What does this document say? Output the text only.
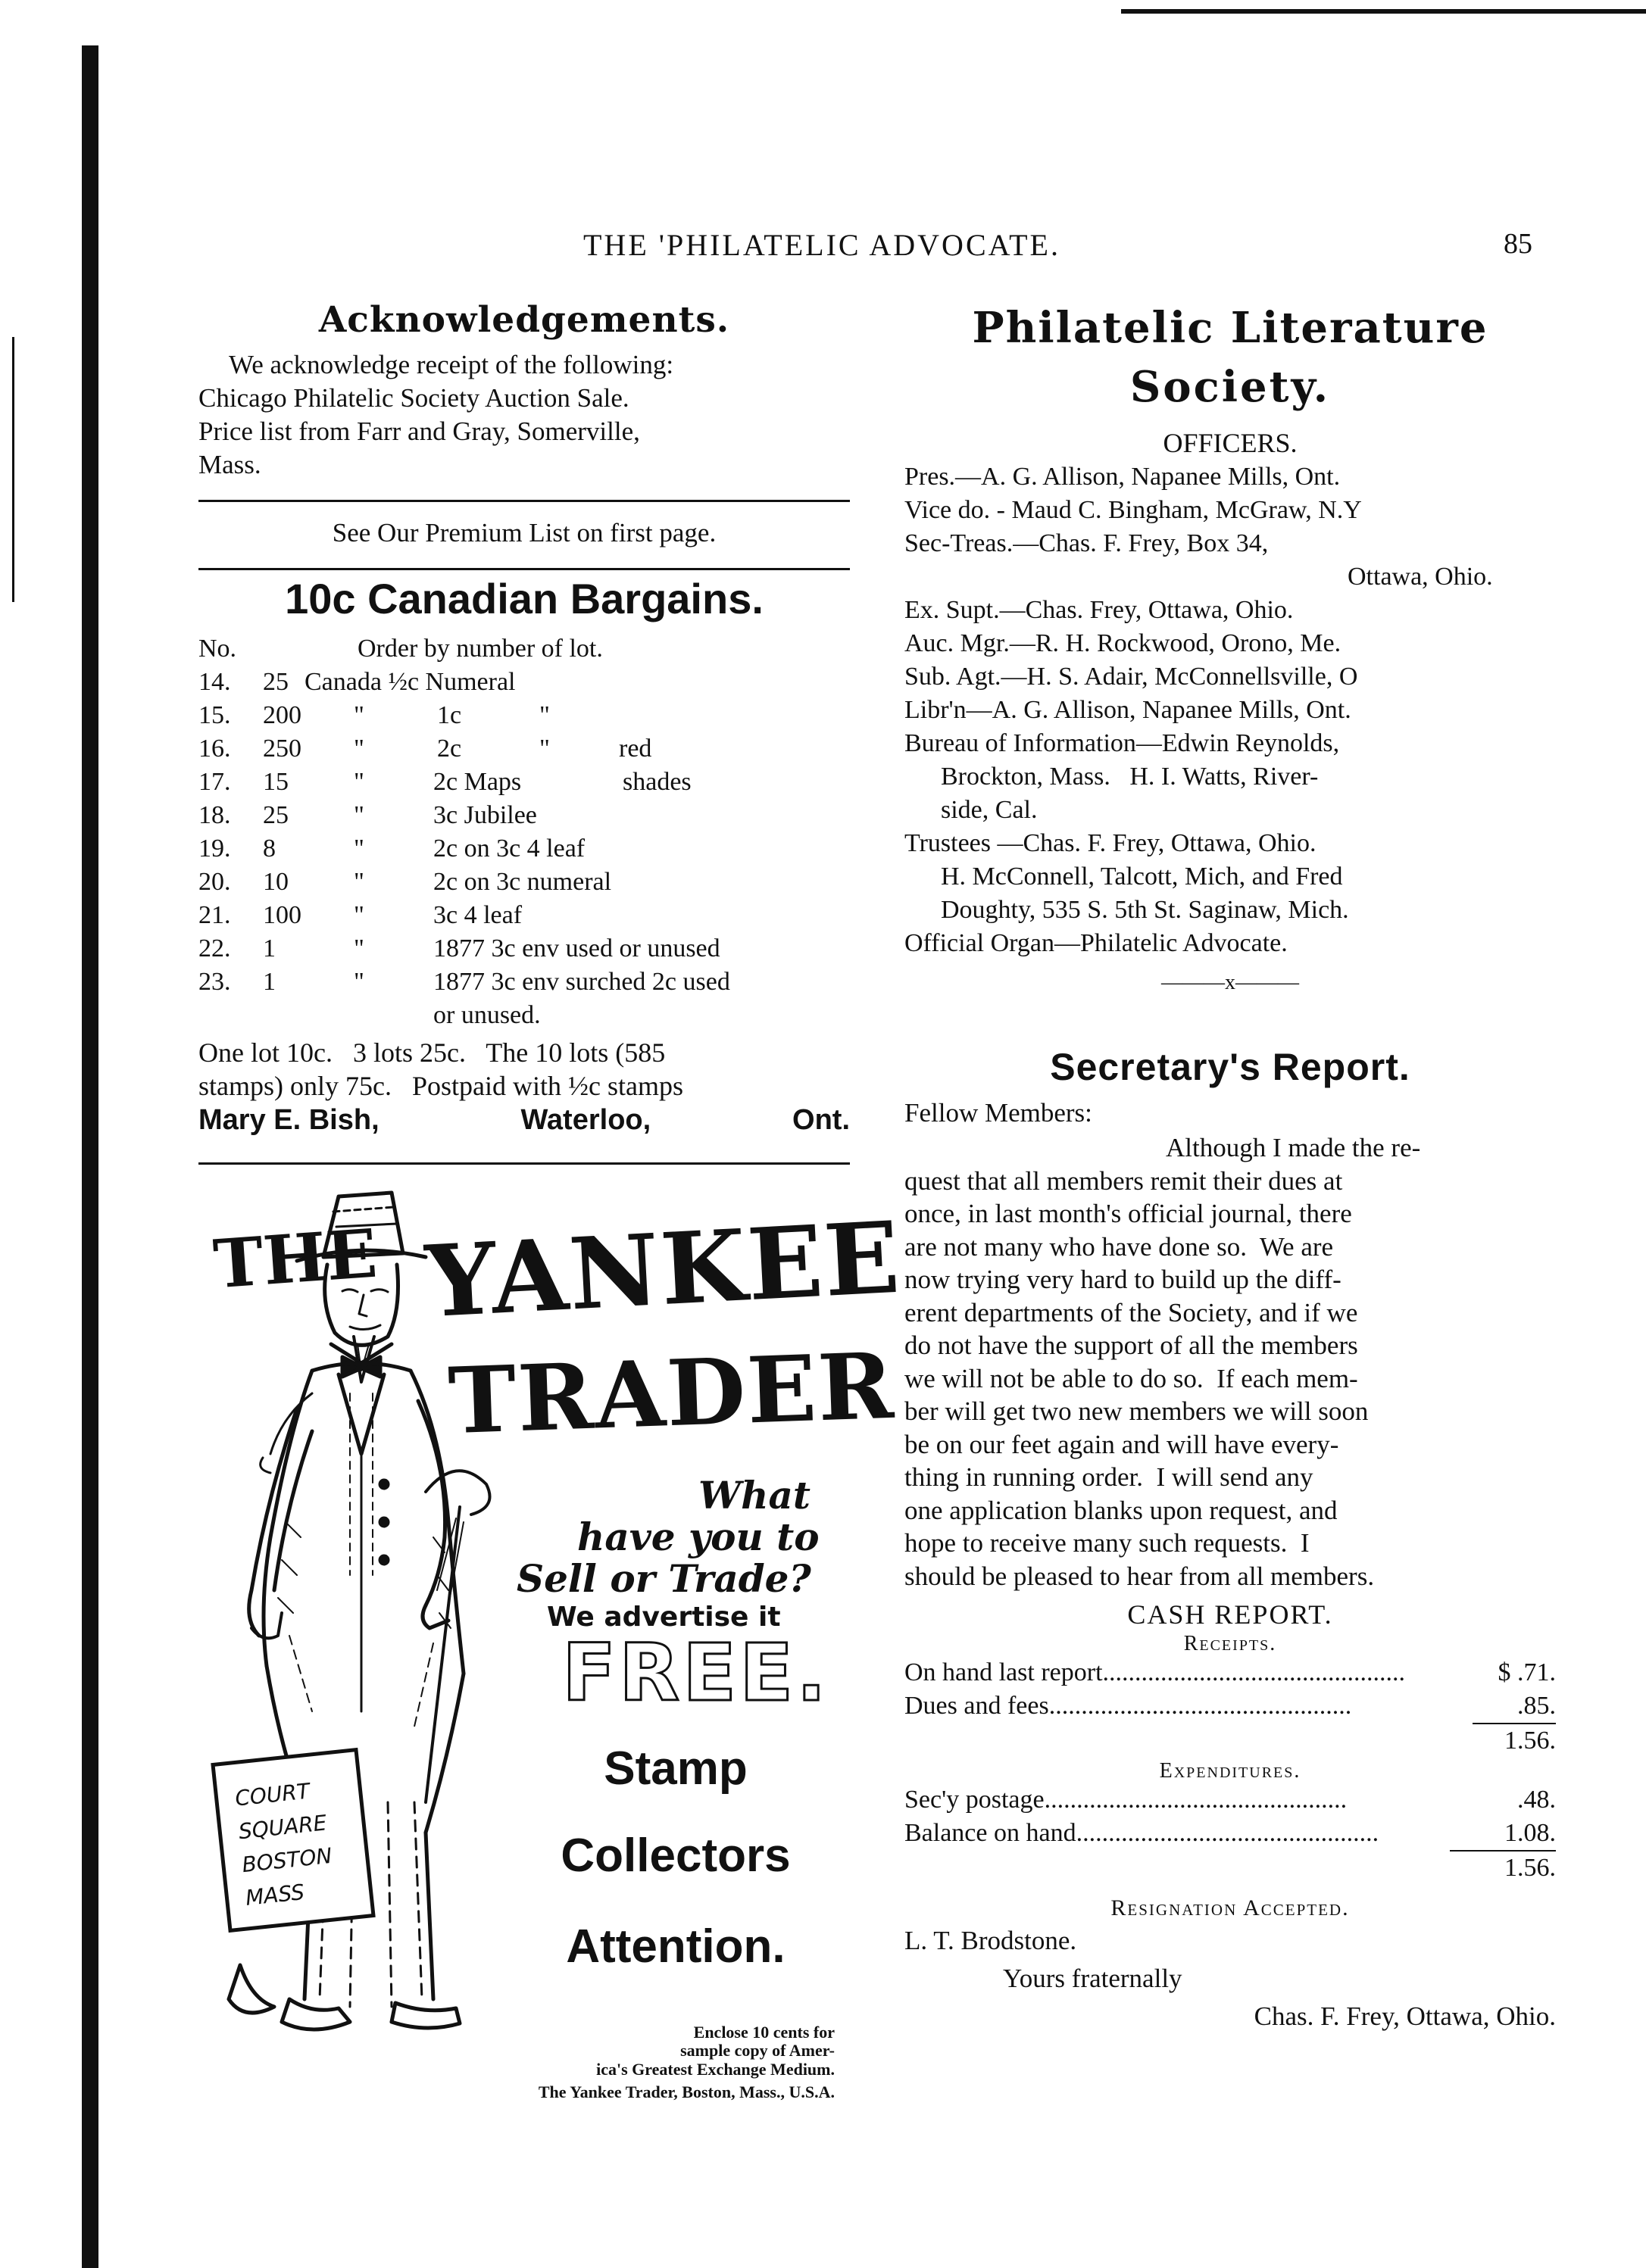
THE 'PHILATELIC ADVOCATE.	85
Acknowledgements.
We acknowledge receipt of the following:
Chicago Philatelic Society Auction Sale.
Price list from Farr and Gray, Somerville,
Mass.
See Our Premium List on first page.
10c Canadian Bargains.
No.	Order by number of lot.
14. 25 Canada ½c Numeral
15. 200 "	1c	"
16. 250 "	2c	"	red
17. 15	"	2c Maps	shades
18. 25	"	3c Jubilee
19. 8	"	2c on 3c 4 leaf
20. 10	"	2c on 3c numeral
21. 100 "	3c 4 leaf
22. 1	"	1877 3c env used or unused
23. 1	"	1877 3c env surched 2c used
or unused.
One lot 10c.   3 lots 25c.   The 10 lots (585
stamps) only 75c.   Postpaid with ½c stamps
Mary E. Bish,	Waterloo,	Ont.
COURT
SQUARE
BOSTON
MASS
THE YANKEE
TRADER
What
have you to
Sell or Trade?
We advertise it
FREE.
Stamp
Collectors
Attention.
Enclose 10 cents for
sample copy of Amer-
ica's Greatest Exchange Medium.
The Yankee Trader, Boston, Mass., U.S.A.
Philatelic Literature
Society.
OFFICERS.
Pres.—A. G. Allison, Napanee Mills, Ont.
Vice do. - Maud C. Bingham, McGraw, N.Y
Sec-Treas.—Chas. F. Frey, Box 34,
Ottawa, Ohio.
Ex. Supt.—Chas. Frey, Ottawa, Ohio.
Auc. Mgr.—R. H. Rockwood, Orono, Me.
Sub. Agt.—H. S. Adair, McConnellsville, O
Libr'n—A. G. Allison, Napanee Mills, Ont.
Bureau of Information—Edwin Reynolds,
Brockton, Mass.   H. I. Watts, River-
side, Cal.
Trustees —Chas. F. Frey, Ottawa, Ohio.
H. McConnell, Talcott, Mich, and Fred
Doughty, 535 S. 5th St. Saginaw, Mich.
Official Organ—Philatelic Advocate.
———x———
Secretary's Report.
Fellow Members:
Although I made the re-
quest that all members remit their dues at
once, in last month's official journal, there
are not many who have done so.  We are
now trying very hard to build up the diff-
erent departments of the Society, and if we
do not have the support of all the members
we will not be able to do so.  If each mem-
ber will get two new members we will soon
be on our feet again and will have every-
thing in running order.  I will send any
one application blanks upon request, and
hope to receive many such requests.  I
should be pleased to hear from all members.
CASH REPORT.
Receipts.
On hand last report ...............................................	$ .71.
Dues and fees ...............................................	.85.
1.56.
Expenditures.
Sec'y postage ...............................................	.48.
Balance on hand ...............................................	1.08.
1.56.
Resignation Accepted.
L. T. Brodstone.
Yours fraternally
Chas. F. Frey, Ottawa, Ohio.
